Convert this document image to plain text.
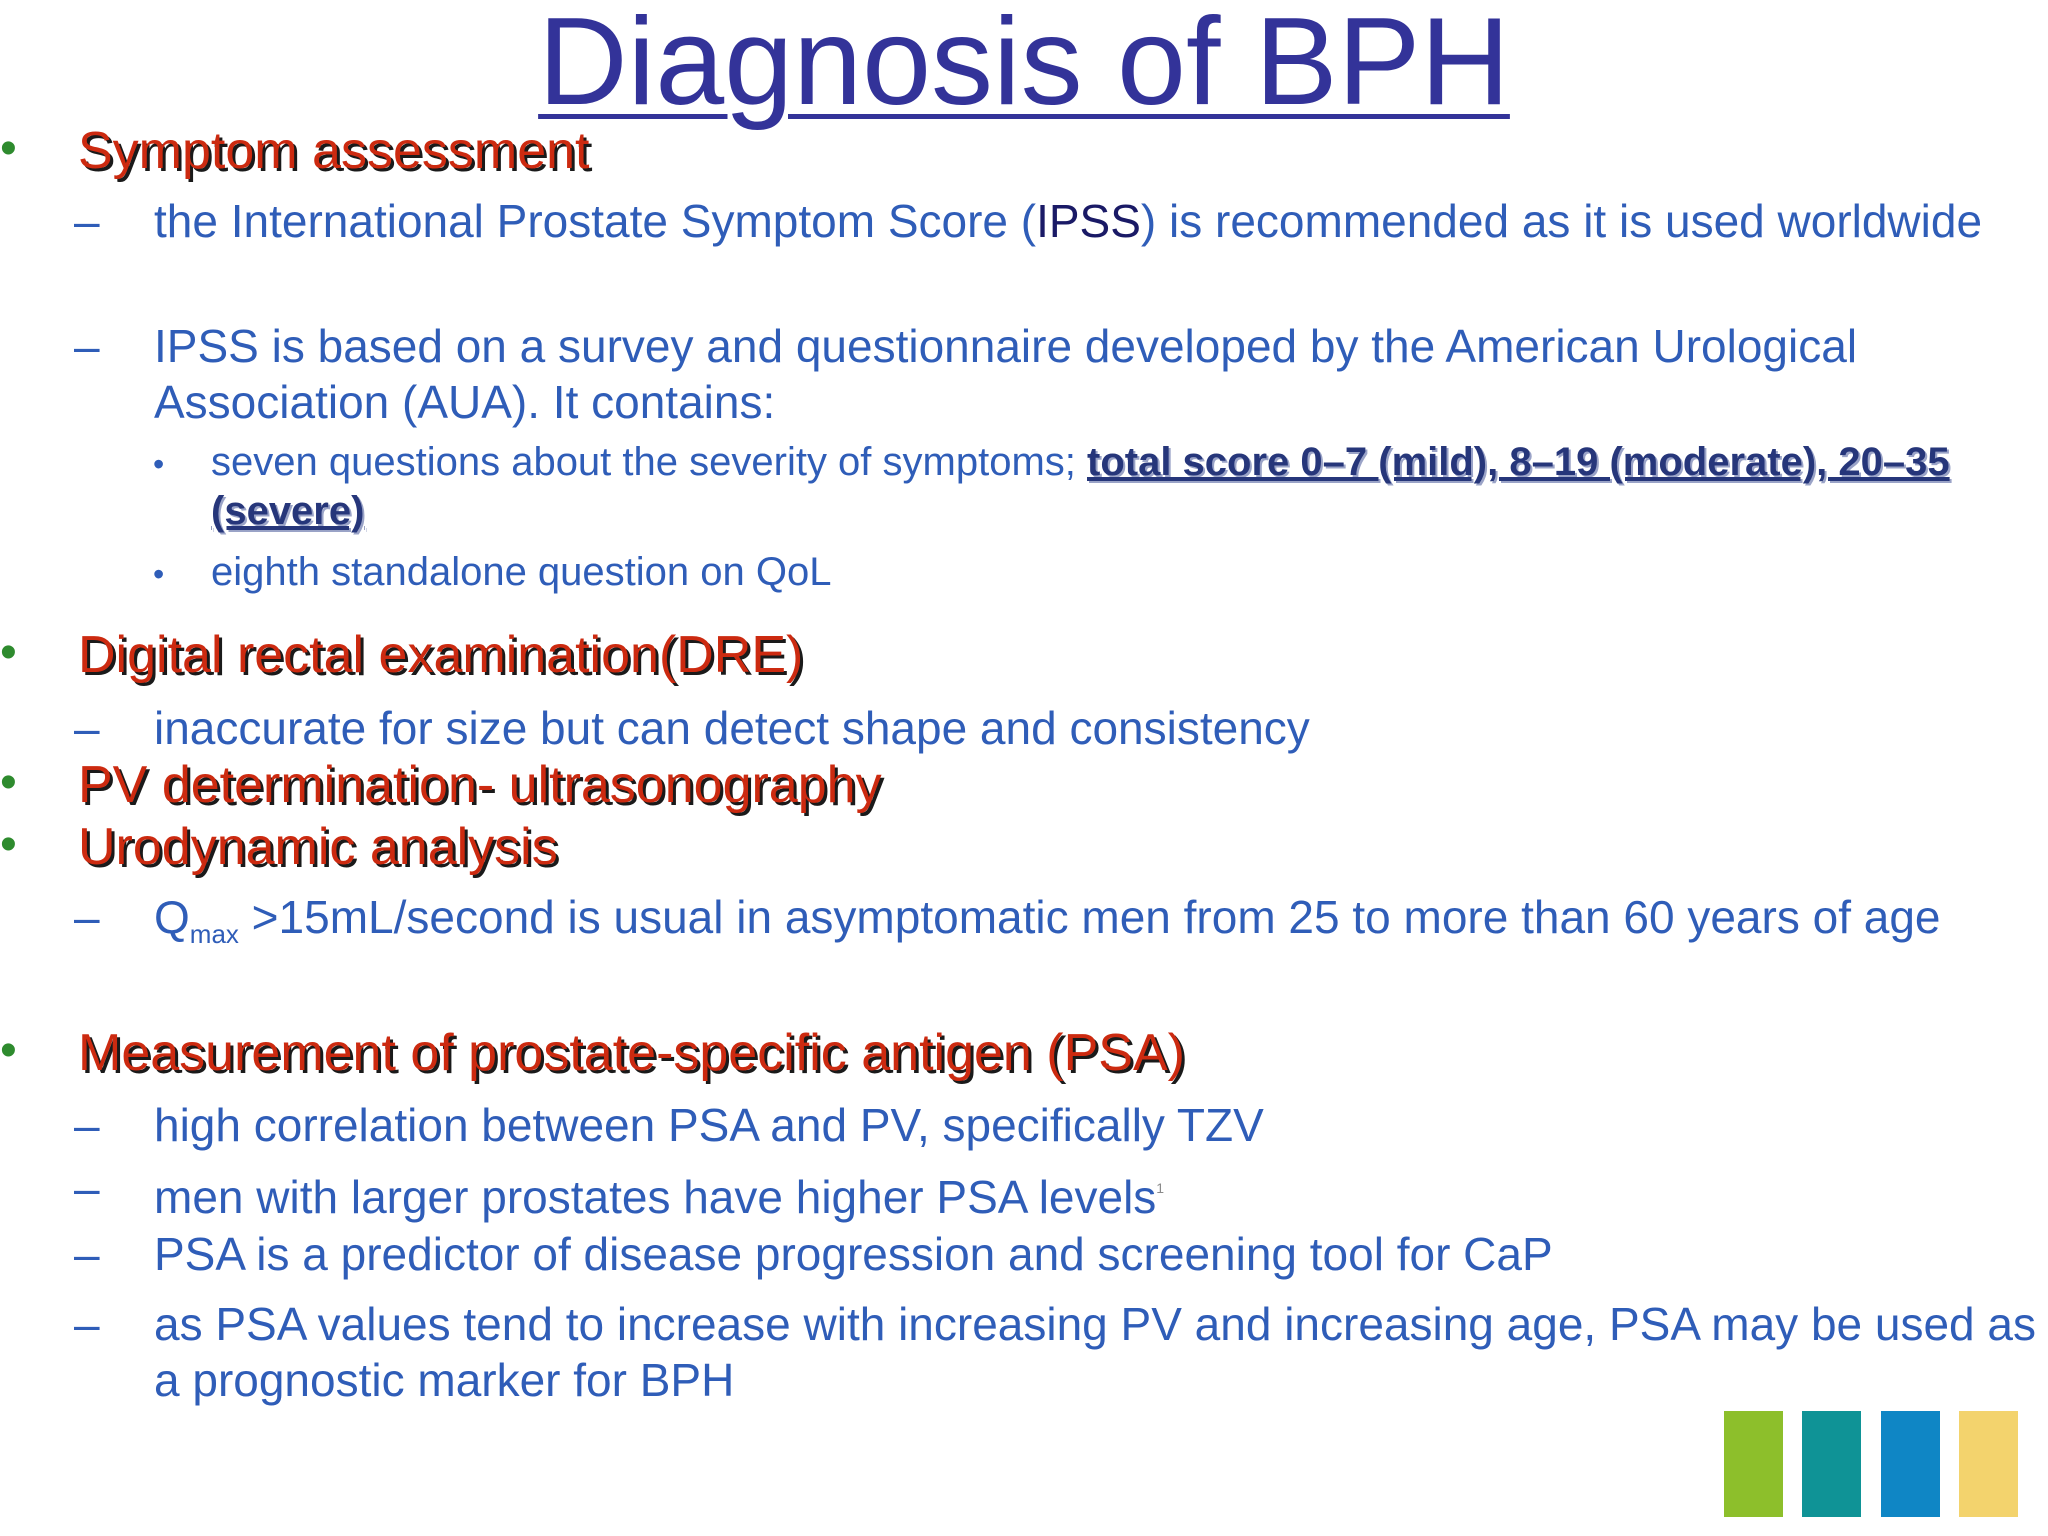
Diagnosis of BPH
• Symptom assessment
– the International Prostate Symptom Score (IPSS) is recommended as it is used worldwide
– IPSS is based on a survey and questionnaire developed by the American Urological Association (AUA). It contains:
• seven questions about the severity of symptoms; total score 0–7 (mild), 8–19 (moderate), 20–35 (severe)
• eighth standalone question on QoL
• Digital rectal examination(DRE)
– inaccurate for size but can detect shape and consistency
• PV determination- ultrasonography
• Urodynamic analysis
– $Q_{max}$ >15mL/second is usual in asymptomatic men from 25 to more than 60 years of age
• Measurement of prostate-specific antigen (PSA)
– high correlation between PSA and PV, specifically TZV
– men with larger prostates have higher PSA levels$^1$
– PSA is a predictor of disease progression and screening tool for CaP
– as PSA values tend to increase with increasing PV and increasing age, PSA may be used as a prognostic marker for BPH
